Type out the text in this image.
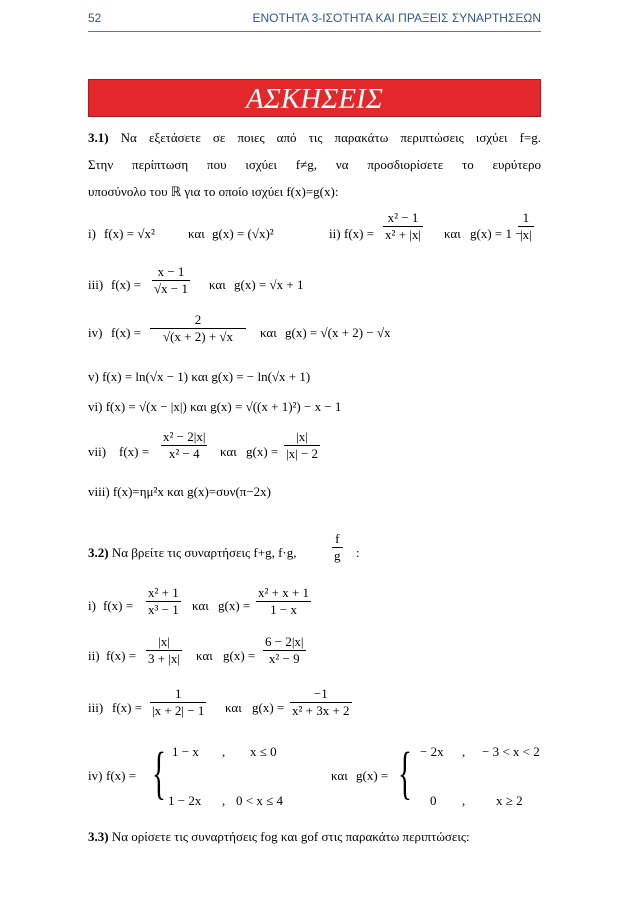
52	ΕΝΟΤΗΤΑ 3-ΙΣΟΤΗΤΑ ΚΑΙ ΠΡΑΞΕΙΣ ΣΥΝΑΡΤΗΣΕΩΝ
ΑΣΚΗΣΕΙΣ
3.1) Να εξετάσετε σε ποιες από τις παρακάτω περιπτώσεις ισχύει f=g.
Στην περίπτωση που ισχύει f≠g, να προσδιορίσετε το ευρύτερο
υποσύνολο του ℝ για το οποίο ισχύει f(x)=g(x):
i) f(x) = √x²	και g(x) = (√x)²	ii) $f(x) = \frac{\text{x² − 1}}{\text{x² + |x|}}$ και g(x) = 1 −
$\frac{1}{|x|}$
iii) $f(x) = \frac{x - 1}{√x - 1}$ και g(x) = √x + 1
iv) $f(x) = \frac{2}{√(x + 2) + √x}$ και g(x) = √(x + 2) − √x
v) f(x) = ln(√x − 1) και g(x) = − ln(√x + 1)
vi) f(x) = √(x − |x|) και g(x) = √((x + 1)²) − x − 1
vii) $f(x) = \frac{\text{x² − 2|x|}}{\text{x² − 4}}$ και $g(x) = \frac{|x|}{|x| - 2}$
viii) f(x)=ημ²x και g(x)=συν(π−2x)
3.2) Να βρείτε τις συναρτήσεις f+g, f·g,	$\frac{f}{g}$ :
i) $f(x) = \frac{\text{x² + 1}}{\text{x³ − 1}}$ και $g(x) = \frac{\text{x² + x + 1}}{1 - x}$
ii) $f(x) = \frac{|x|}{3 + |x|}$ και $g(x) = \frac{6 - 2|x|}{\text{x² − 9}}$
iii) $f(x) = \frac{1}{|x + 2| - 1}$ και $g(x) = \frac{-1}{\text{x² + 3x + 2}}$
iv) f(x) = { 1 − x , x ≤ 0
1 − 2x , 0 < x ≤ 4
και g(x) = { − 2x , − 3 < x < 2
0 , x ≥ 2
3.3) Να ορίσετε τις συναρτήσεις fog και gof στις παρακάτω περιπτώσεις:
